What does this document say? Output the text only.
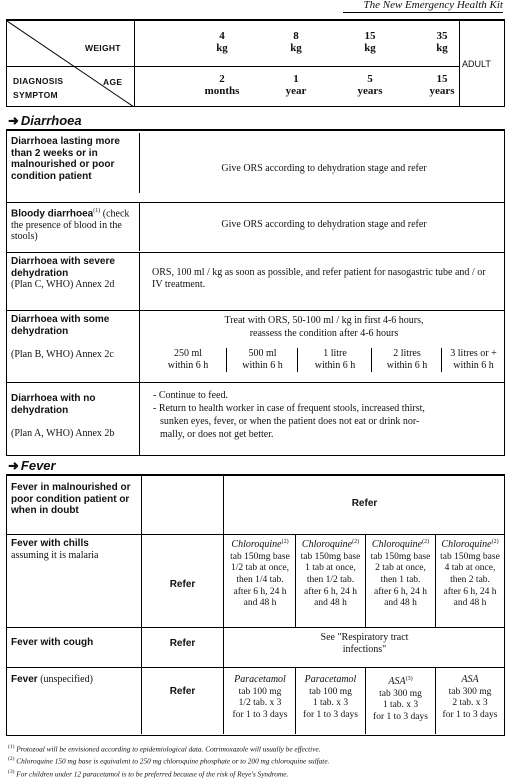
The New Emergency Health Kit
WEIGHT
AGE
DIAGNOSIS
SYMPTOM
4
kg
8
kg
15
kg
35
kg
2
months
1
year
5
years
15
years
ADULT
➜ Diarrhoea
Diarrhoea lasting more than 2 weeks or in malnourished or poor condition patient
Give ORS according to dehydration stage and refer
Bloody diarrhoea$^{(1)}$ (check the presence of blood in the stools)
Give ORS according to dehydration stage and refer
Diarrhoea with severe dehydration
(Plan C, WHO) Annex 2d
ORS, 100 ml / kg as soon as possible, and refer patient for nasogastric tube and / or IV treatment.
Diarrhoea with some dehydration

(Plan B, WHO) Annex 2c
Treat with ORS, 50-100 ml / kg in first 4-6 hours,
reassess the condition after 4-6 hours
250 ml
within 6 h
500 ml
within 6 h
1 litre
within 6 h
2 litres
within 6 h
3 litres or +
within 6 h
Diarrhoea with no dehydration

(Plan A, WHO) Annex 2b
- Continue to feed.
- Return to health worker in case of frequent stools, increased thirst,
sunken eyes, fever, or when the patient does not eat or drink nor-
mally, or does not get better.
➜ Fever
Fever in malnourished or poor condition patient or when in doubt
Refer
Fever with chills
assuming it is malaria
Refer
Chloroquine$^{(2)}$
tab 150mg base
1/2 tab at once,
then 1/4 tab.
after 6 h, 24 h
and 48 h
Chloroquine$^{(2)}$
tab 150mg base
1 tab at once,
then 1/2 tab.
after 6 h, 24 h
and 48 h
Chloroquine$^{(2)}$
tab 150mg base
2 tab at once,
then 1 tab.
after 6 h, 24 h
and 48 h
Chloroquine$^{(2)}$
tab 150mg base
4 tab at once,
then 2 tab.
after 6 h, 24 h
and 48 h
Fever with cough	Refer
See "Respiratory tract
infections"
Fever (unspecified)
Refer
Paracetamol
tab 100 mg
1/2 tab. x 3
for 1 to 3 days
Paracetamol
tab 100 mg
1 tab. x 3
for 1 to 3 days
ASA$^{(3)}$
tab 300 mg
1 tab. x 3
for 1 to 3 days
ASA
tab 300 mg
2 tab. x 3
for 1 to 3 days
$^{(1)}$ Protozoal will be envisioned according to epidemiological data. Cotrimoxazole will usually be effective.
$^{(2)}$ Chloroquine 150 mg base is equivalent to 250 mg chloroquine phosphate or to 200 mg chloroquine sulfate.
$^{(3)}$ For children under 12 paracetamol is to be preferred because of the risk of Reye's Syndrome.
